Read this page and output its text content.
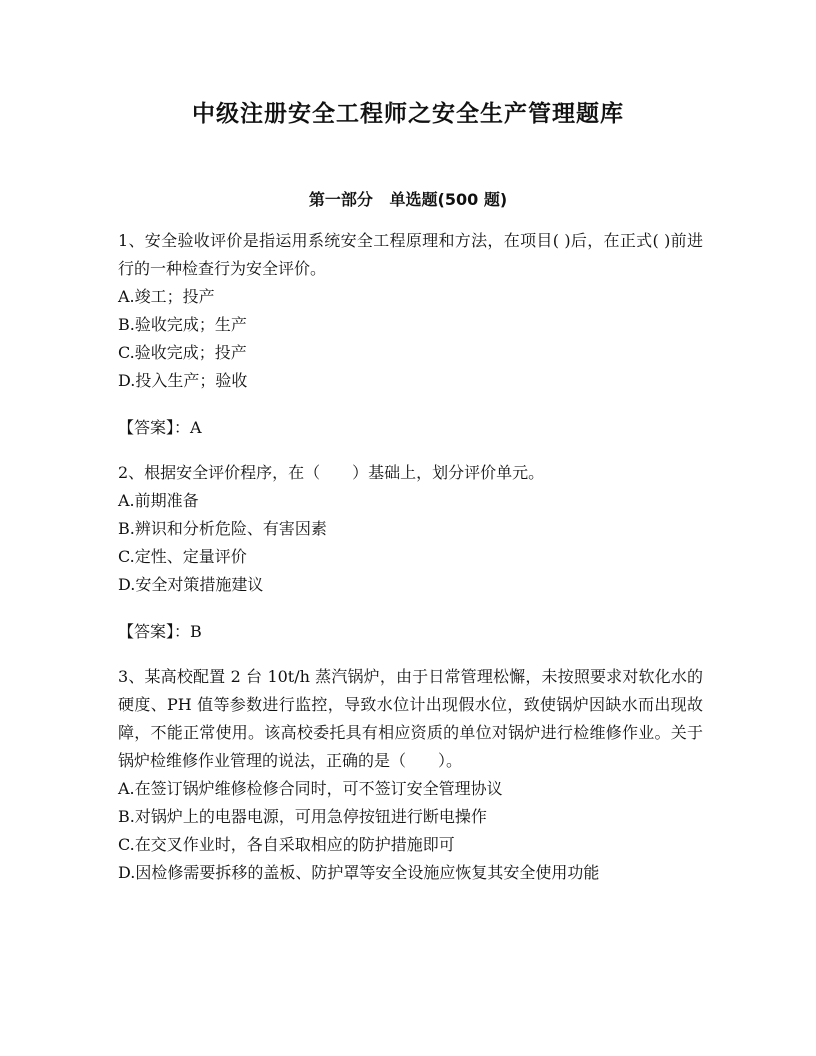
中级注册安全工程师之安全生产管理题库
第一部分   单选题(500 题)

1、安全验收评价是指运用系统安全工程原理和方法，在项目( )后，在正式( )前进行的一种检查行为安全评价。

A.竣工；投产

B.验收完成；生产

C.验收完成；投产

D.投入生产；验收

【答案】：A

2、根据安全评价程序，在（　　）基础上，划分评价单元。

A.前期准备

B.辨识和分析危险、有害因素

C.定性、定量评价

D.安全对策措施建议

【答案】：B

3、某高校配置 2 台 10t/h 蒸汽锅炉，由于日常管理松懈，未按照要求对软化水的硬度、PH 值等参数进行监控，导致水位计出现假水位，致使锅炉因缺水而出现故障，不能正常使用。该高校委托具有相应资质的单位对锅炉进行检维修作业。关于锅炉检维修作业管理的说法，正确的是（　　）。

A.在签订锅炉维修检修合同时，可不签订安全管理协议

B.对锅炉上的电器电源，可用急停按钮进行断电操作

C.在交叉作业时，各自采取相应的防护措施即可

D.因检修需要拆移的盖板、防护罩等安全设施应恢复其安全使用功能
